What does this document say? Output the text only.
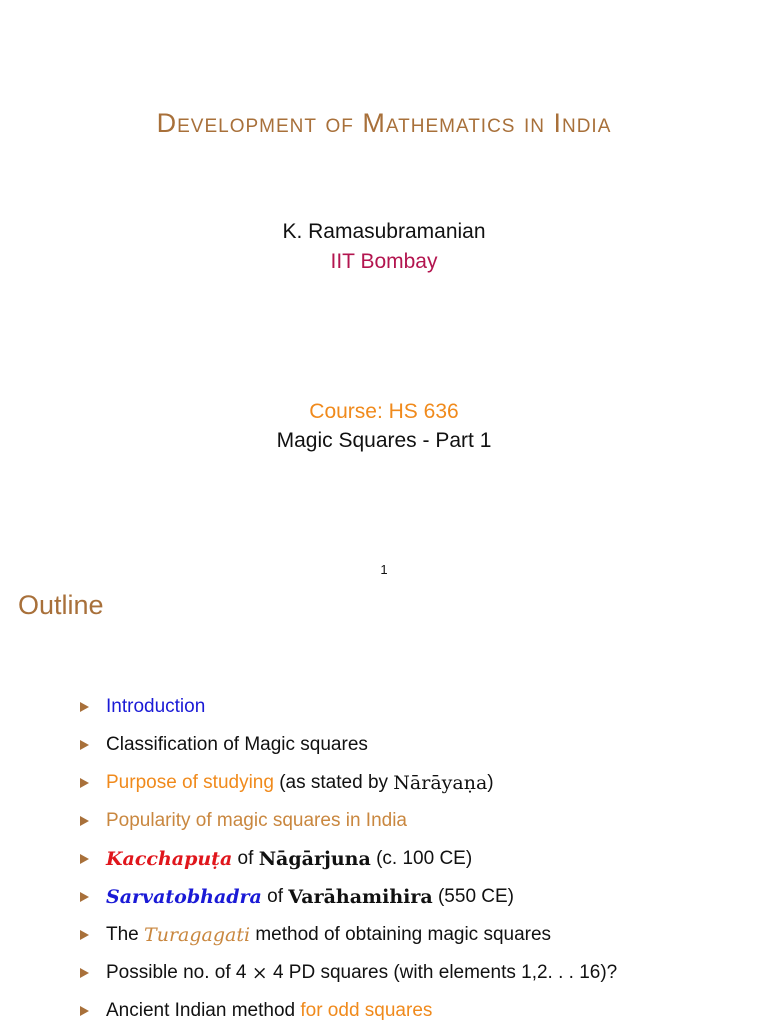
Development of Mathematics in India
K. Ramasubramanian
IIT Bombay
Course: HS 636
Magic Squares - Part 1
1
Outline
Introduction
Classification of Magic squares
Purpose of studying (as stated by Nārāyaṇa )
Popularity of magic squares in India
Kacchapuṭa of Nāgārjuna (c. 100 CE)
Sarvatobhadra of Varāhamihira (550 CE)
The Turagagati method of obtaining magic squares
Possible no. of 4 × 4 PD squares (with elements 1,2. . . 16)?
Ancient Indian method for odd squares
